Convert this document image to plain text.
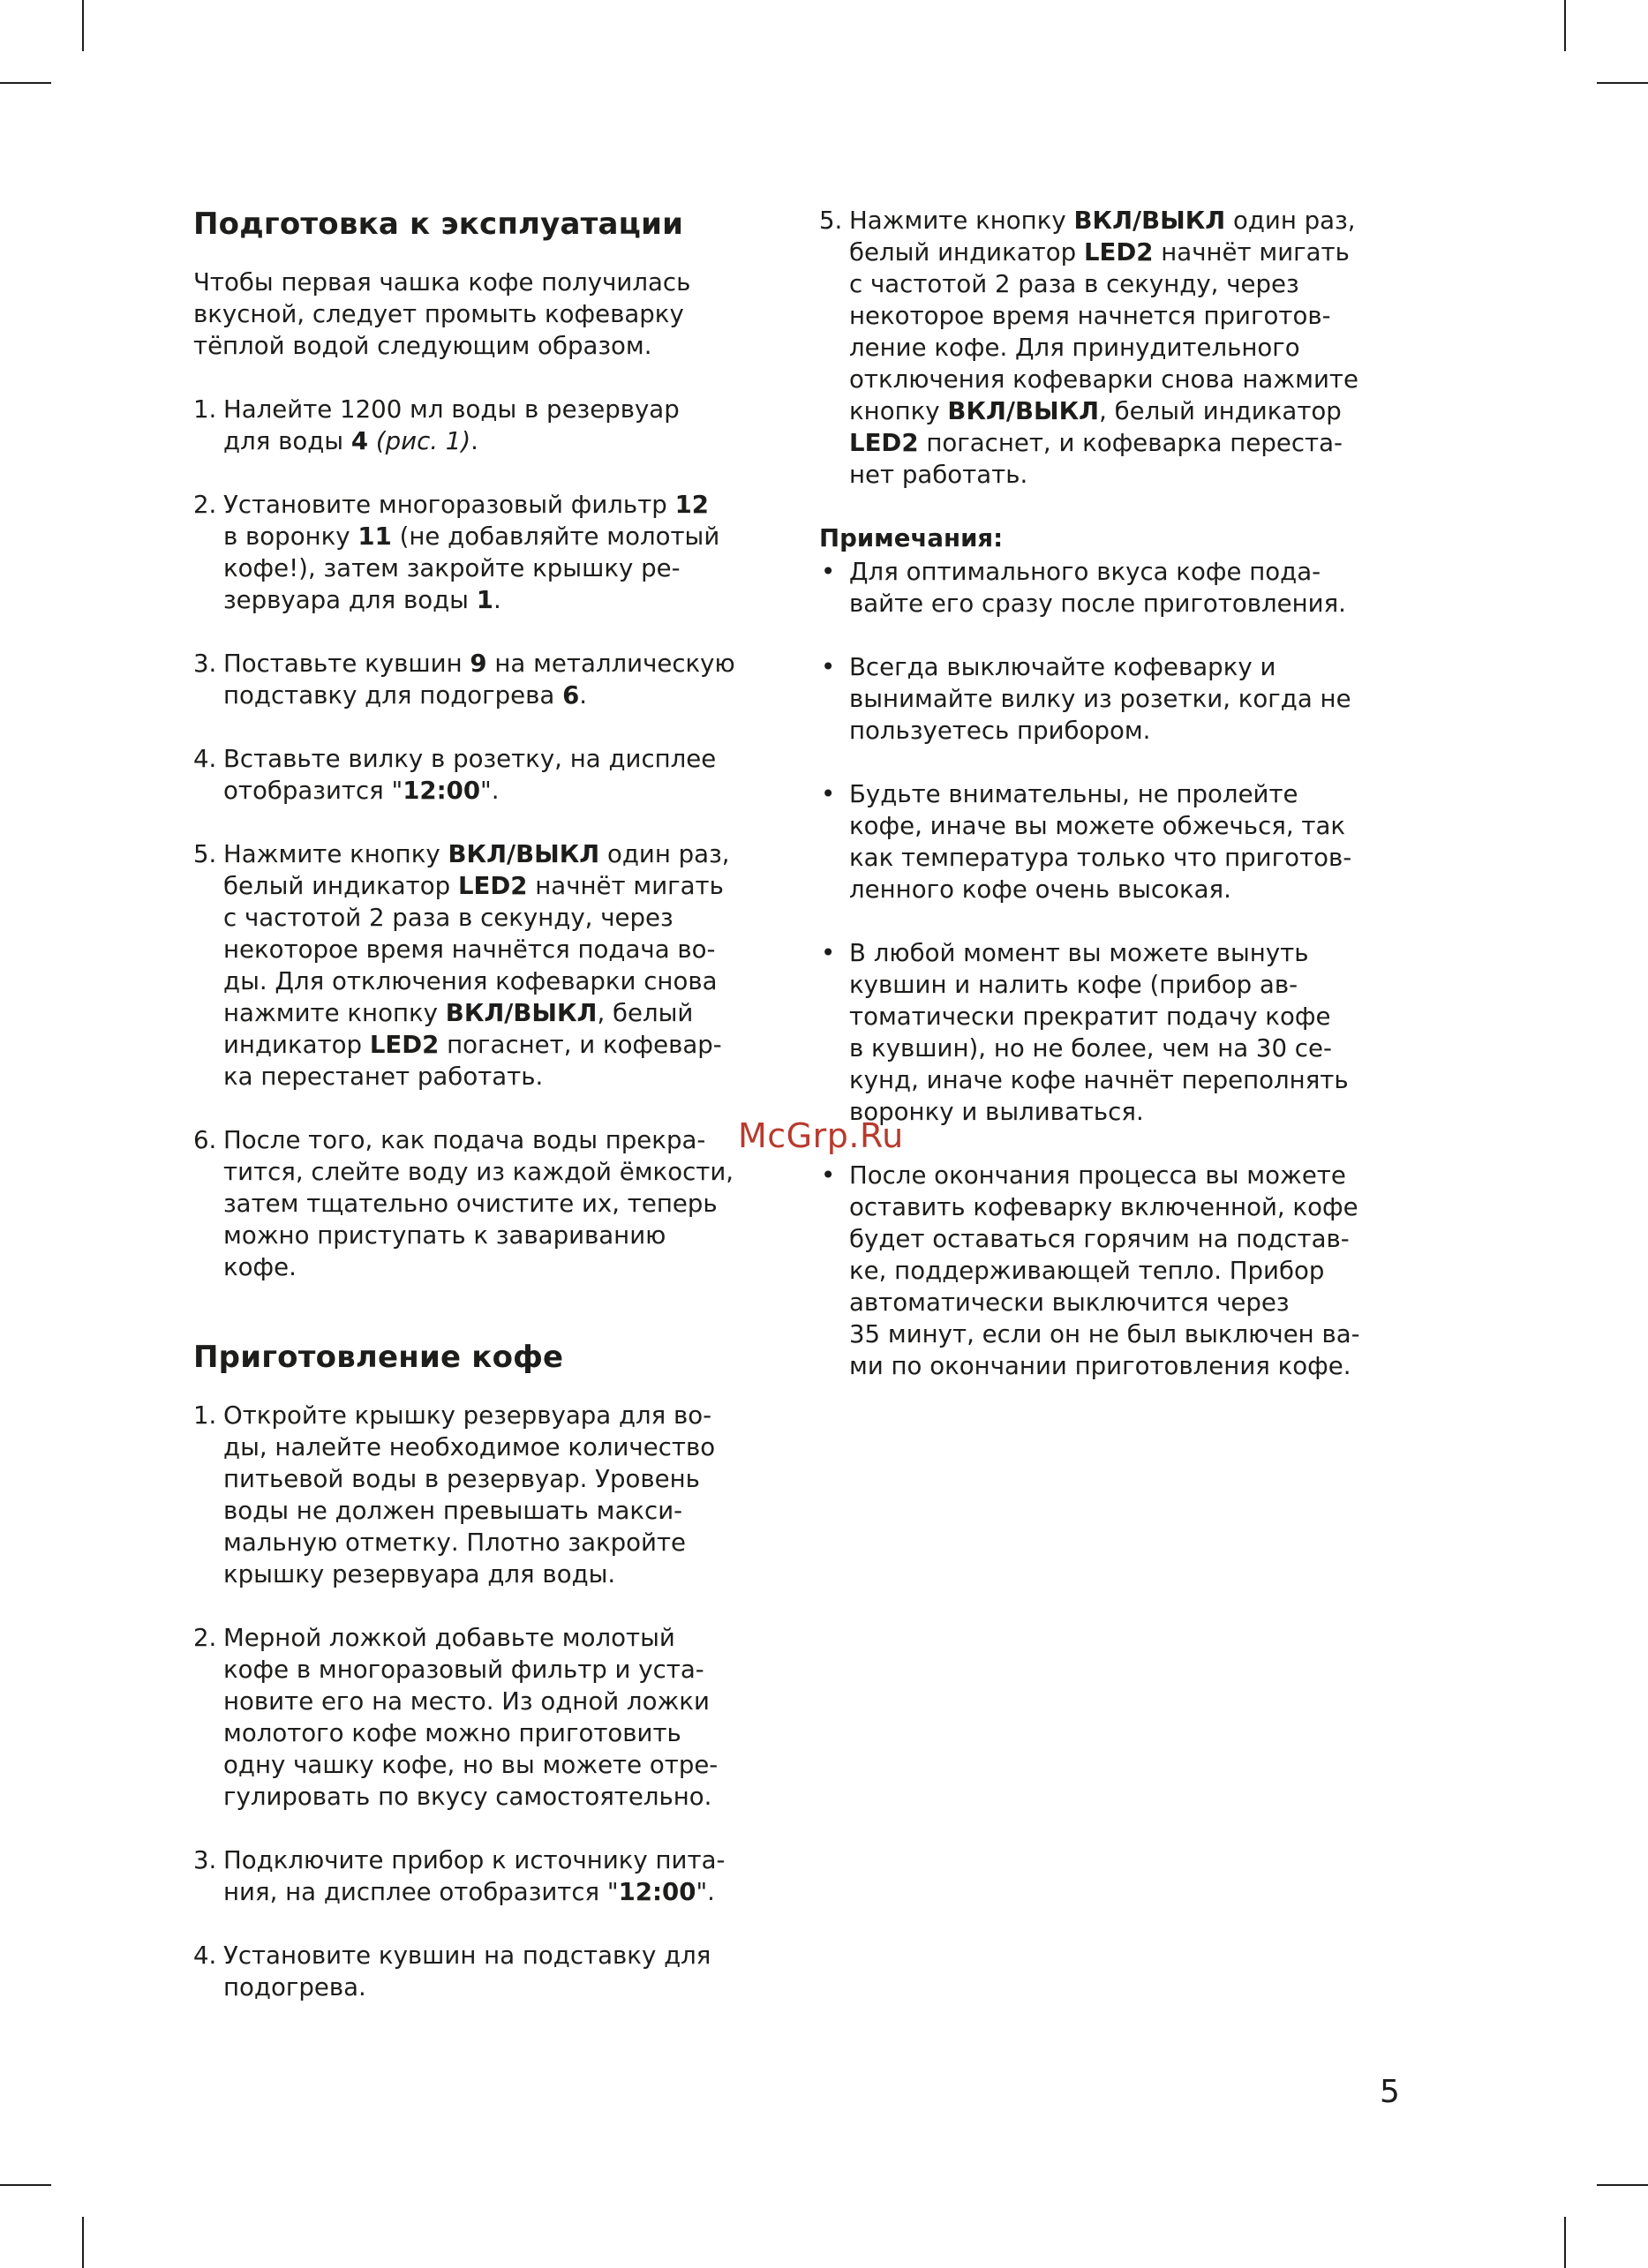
Подготовка к эксплуатации
Чтобы первая чашка кофе получилась
вкусной, следует промыть кофеварку
тёплой водой следующим образом.
1. Налейте 1200 мл воды в резервуар
для воды 4 (рис. 1).
2. Установите многоразовый фильтр 12
в воронку 11 (не добавляйте молотый
кофе!), затем закройте крышку ре-
зервуара для воды 1.
3. Поставьте кувшин 9 на металлическую
подставку для подогрева 6.
4. Вставьте вилку в розетку, на дисплее
отобразится "12:00".
5. Нажмите кнопку ВКЛ/ВЫКЛ один раз,
белый индикатор LED2 начнёт мигать
с частотой 2 раза в секунду, через
некоторое время начнётся подача во-
ды. Для отключения кофеварки снова
нажмите кнопку ВКЛ/ВЫКЛ, белый
индикатор LED2 погаснет, и кофевар-
ка перестанет работать.
6. После того, как подача воды прекра-
тится, слейте воду из каждой ёмкости,
затем тщательно очистите их, теперь
можно приступать к завариванию
кофе.
Приготовление кофе
1. Откройте крышку резервуара для во-
ды, налейте необходимое количество
питьевой воды в резервуар. Уровень
воды не должен превышать макси-
мальную отметку. Плотно закройте
крышку резервуара для воды.
2. Мерной ложкой добавьте молотый
кофе в многоразовый фильтр и уста-
новите его на место. Из одной ложки
молотого кофе можно приготовить
одну чашку кофе, но вы можете отре-
гулировать по вкусу самостоятельно.
3. Подключите прибор к источнику пита-
ния, на дисплее отобразится "12:00".
4. Установите кувшин на подставку для
подогрева.
5. Нажмите кнопку ВКЛ/ВЫКЛ один раз,
белый индикатор LED2 начнёт мигать
с частотой 2 раза в секунду, через
некоторое время начнется приготов-
ление кофе. Для принудительного
отключения кофеварки снова нажмите
кнопку ВКЛ/ВЫКЛ, белый индикатор
LED2 погаснет, и кофеварка переста-
нет работать.
Примечания:
• Для оптимального вкуса кофе пода-
вайте его сразу после приготовления.
• Всегда выключайте кофеварку и
вынимайте вилку из розетки, когда не
пользуетесь прибором.
• Будьте внимательны, не пролейте
кофе, иначе вы можете обжечься, так
как температура только что приготов-
ленного кофе очень высокая.
• В любой момент вы можете вынуть
кувшин и налить кофе (прибор ав-
томатически прекратит подачу кофе
в кувшин), но не более, чем на 30 се-
кунд, иначе кофе начнёт переполнять
воронку и выливаться.
• После окончания процесса вы можете
оставить кофеварку включенной, кофе
будет оставаться горячим на подстав-
ке, поддерживающей тепло. Прибор
автоматически выключится через
35 минут, если он не был выключен ва-
ми по окончании приготовления кофе.
McGrp.Ru
5
